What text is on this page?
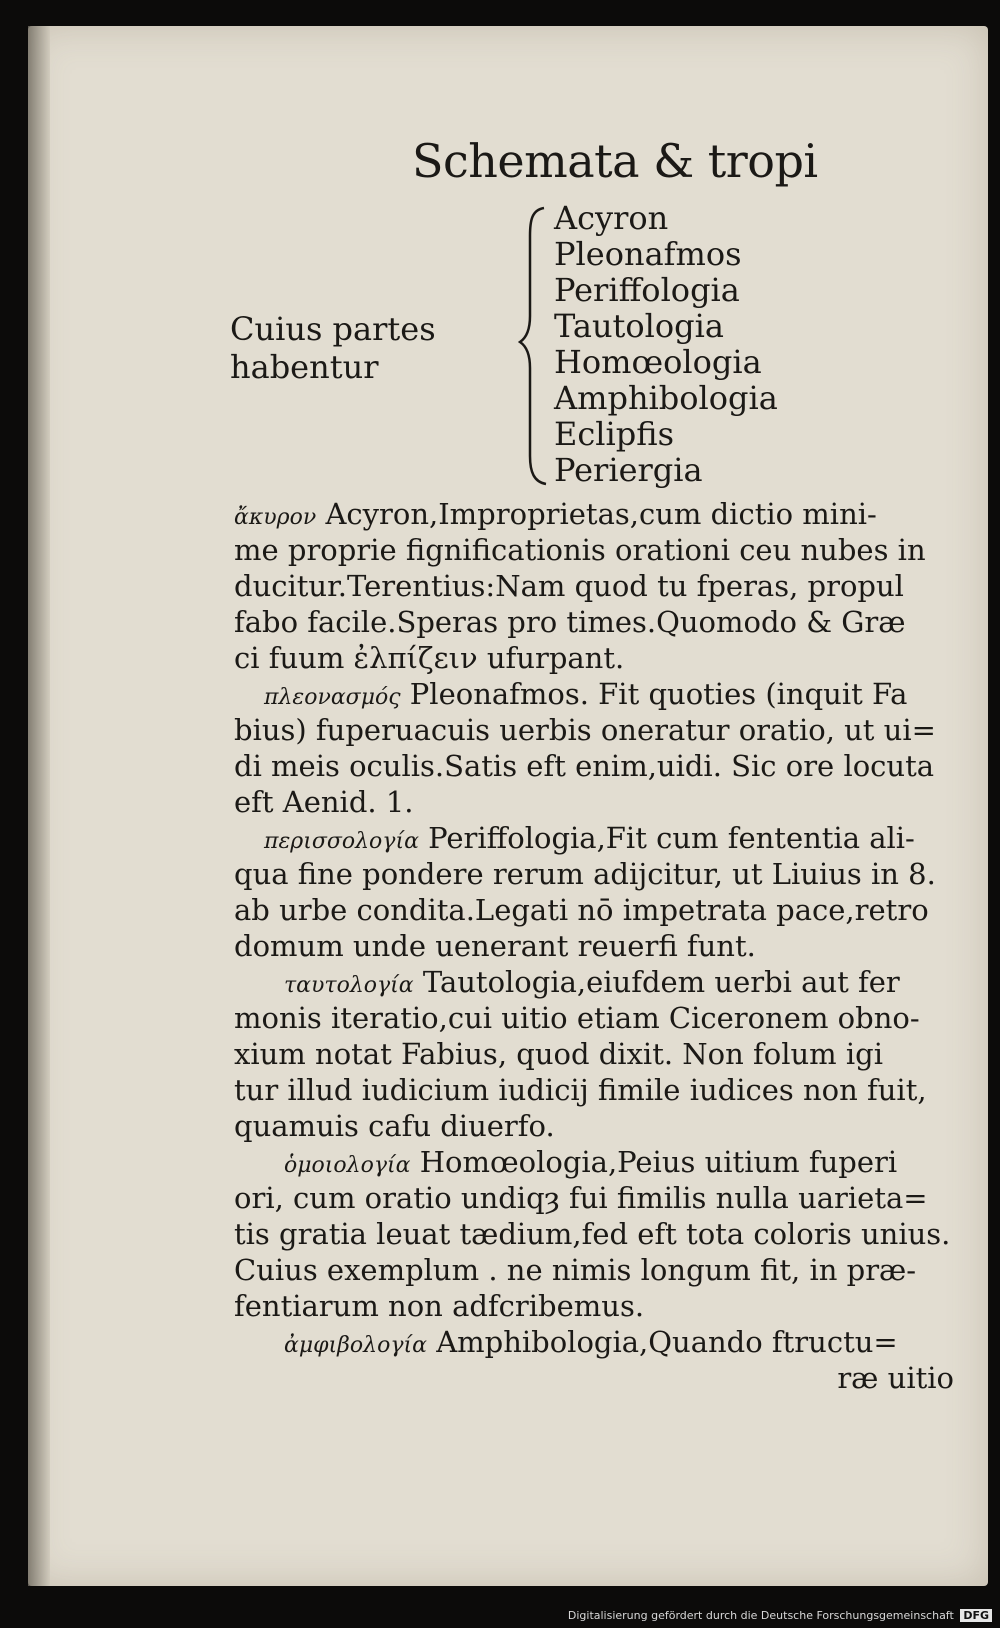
Schemata & tropi
Cuius partes
habentur
Acyron
Pleonafmos
Periffologia
Tautologia
Homœologia
Amphibologia
Eclipfis
Periergia
ἄκυρον Acyron,Improprietas,cum dictio mini-
me proprie fignificationis orationi ceu nubes in
ducitur.Terentius:Nam quod tu fperas, propul
fabo facile.Speras pro times.Quomodo & Græ
ci fuum ἐλπίζειν ufurpant.
πλεονασμός Pleonafmos. Fit quoties (inquit Fa
bius) fuperuacuis uerbis oneratur oratio, ut ui=
di meis oculis.Satis eft enim,uidi. Sic ore locuta
eft Aenid. 1.
περισσολογία Periffologia,Fit cum fententia ali-
qua fine pondere rerum adijcitur, ut Liuius in 8.
ab urbe condita.Legati nō impetrata pace,retro
domum unde uenerant reuerfi funt.
ταυτολογία Tautologia,eiufdem uerbi aut fer
monis iteratio,cui uitio etiam Ciceronem obno-
xium notat Fabius, quod dixit. Non folum igi
tur illud iudicium iudicij fimile iudices non fuit,
quamuis cafu diuerfo.
ὁμοιολογία Homœologia,Peius uitium fuperi
ori, cum oratio undiqȝ fui fimilis nulla uarieta=
tis gratia leuat tædium,fed eft tota coloris unius.
Cuius exemplum . ne nimis longum fit, in præ-
fentiarum non adfcribemus.
ἀμφιβολογία Amphibologia,Quando ftructu=
ræ uitio
Digitalisierung gefördert durch die Deutsche Forschungsgemeinschaft DFG
